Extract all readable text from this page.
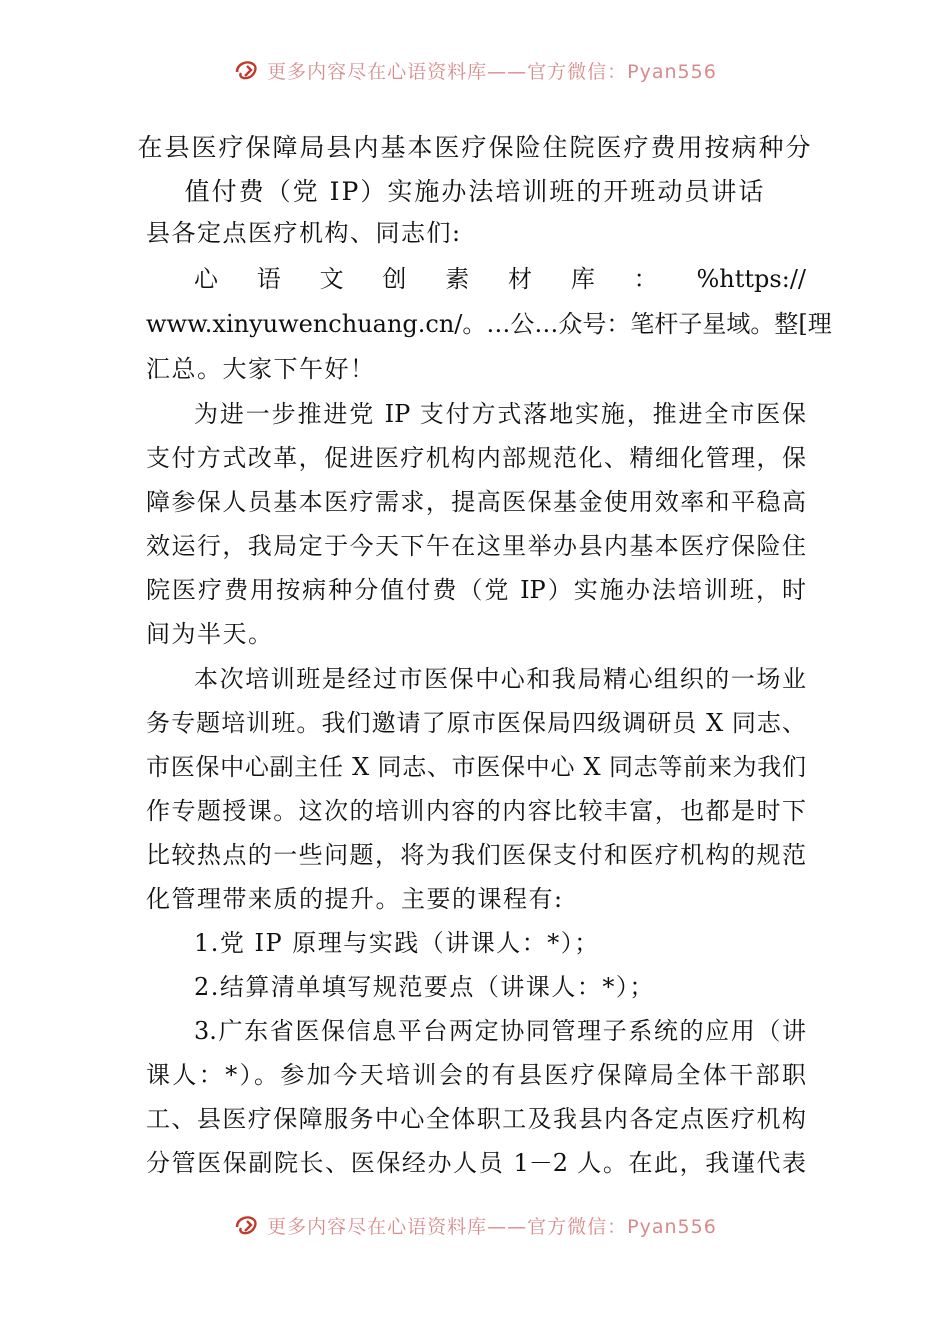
更多内容尽在心语资料库——官方微信：Pyan556
在县医疗保障局县内基本医疗保险住院医疗费用按病种分
值付费（党 IP）实施办法培训班的开班动员讲话
县各定点医疗机构、同志们:
心 语 文 创 素 材 库 ： %https://
www.xinyuwenchuang.cn/。…公…众号：笔杆子星域。整[理
汇总。大家下午好！
为进一步推进党 IP 支付方式落地实施，推进全市医保
支付方式改革，促进医疗机构内部规范化、精细化管理，保
障参保人员基本医疗需求，提高医保基金使用效率和平稳高
效运行，我局定于今天下午在这里举办县内基本医疗保险住
院医疗费用按病种分值付费（党 IP）实施办法培训班，时
间为半天。
本次培训班是经过市医保中心和我局精心组织的一场业
务专题培训班。我们邀请了原市医保局四级调研员 X 同志、
市医保中心副主任 X 同志、市医保中心 X 同志等前来为我们
作专题授课。这次的培训内容的内容比较丰富，也都是时下
比较热点的一些问题，将为我们医保支付和医疗机构的规范
化管理带来质的提升。主要的课程有:
1.党 IP 原理与实践（讲课人：*）；
2.结算清单填写规范要点（讲课人：*）；
3.广东省医保信息平台两定协同管理子系统的应用（讲
课人：*）。参加今天培训会的有县医疗保障局全体干部职
工、县医疗保障服务中心全体职工及我县内各定点医疗机构
分管医保副院长、医保经办人员 1－2 人。在此，我谨代表
更多内容尽在心语资料库——官方微信：Pyan556
